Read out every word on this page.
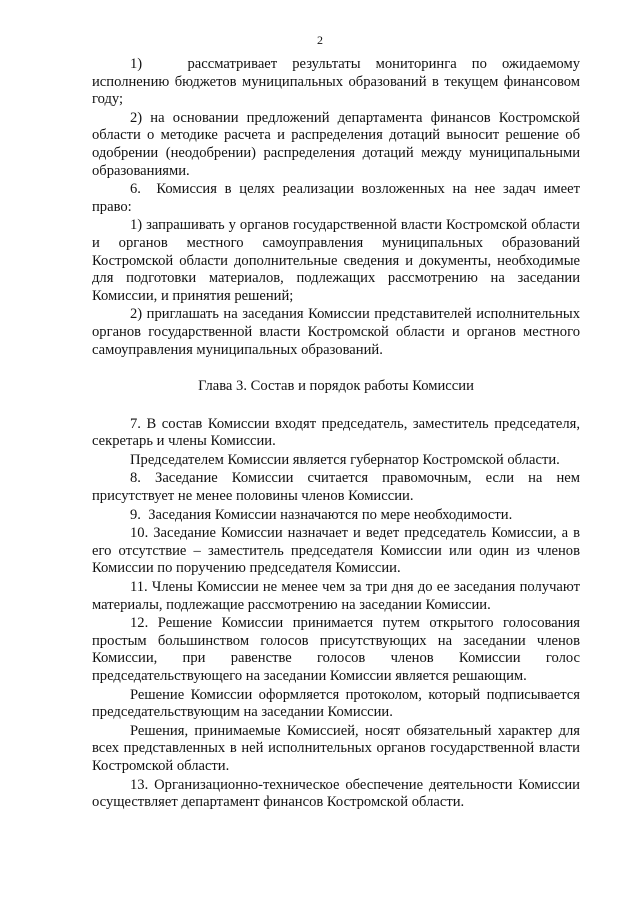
2

1)   рассматривает результаты мониторинга по ожидаемому исполнению бюджетов муниципальных образований в текущем финансовом году;

2) на основании предложений департамента финансов Костромской области о методике расчета и распределения дотаций выносит решение об одобрении (неодобрении) распределения дотаций между муниципальными образованиями.

6.  Комиссия в целях реализации возложенных на нее задач имеет право:

1) запрашивать у органов государственной власти Костромской области и органов местного самоуправления муниципальных образований Костромской области дополнительные сведения и документы, необходимые для подготовки материалов, подлежащих рассмотрению на заседании Комиссии, и принятия решений;

2) приглашать на заседания Комиссии представителей исполнительных органов государственной власти Костромской области и органов местного самоуправления муниципальных образований.

Глава 3. Состав и порядок работы Комиссии

7. В состав Комиссии входят председатель, заместитель председателя, секретарь и члены Комиссии.

Председателем Комиссии является губернатор Костромской области.

8. Заседание Комиссии считается правомочным, если на нем присутствует не менее половины членов Комиссии.

9.  Заседания Комиссии назначаются по мере необходимости.

10. Заседание Комиссии назначает и ведет председатель Комиссии, а в его отсутствие – заместитель председателя Комиссии или один из членов Комиссии по поручению председателя Комиссии.

11. Члены Комиссии не менее чем за три дня до ее заседания получают материалы, подлежащие рассмотрению на заседании Комиссии.

12. Решение Комиссии принимается путем открытого голосования простым большинством голосов присутствующих на заседании членов Комиссии, при равенстве голосов членов Комиссии голос председательствующего на заседании Комиссии является решающим.

Решение Комиссии оформляется протоколом, который подписывается председательствующим на заседании Комиссии.

Решения, принимаемые Комиссией, носят обязательный характер для всех представленных в ней исполнительных органов государственной власти Костромской области.

13. Организационно-техническое обеспечение деятельности Комиссии осуществляет департамент финансов Костромской области.
